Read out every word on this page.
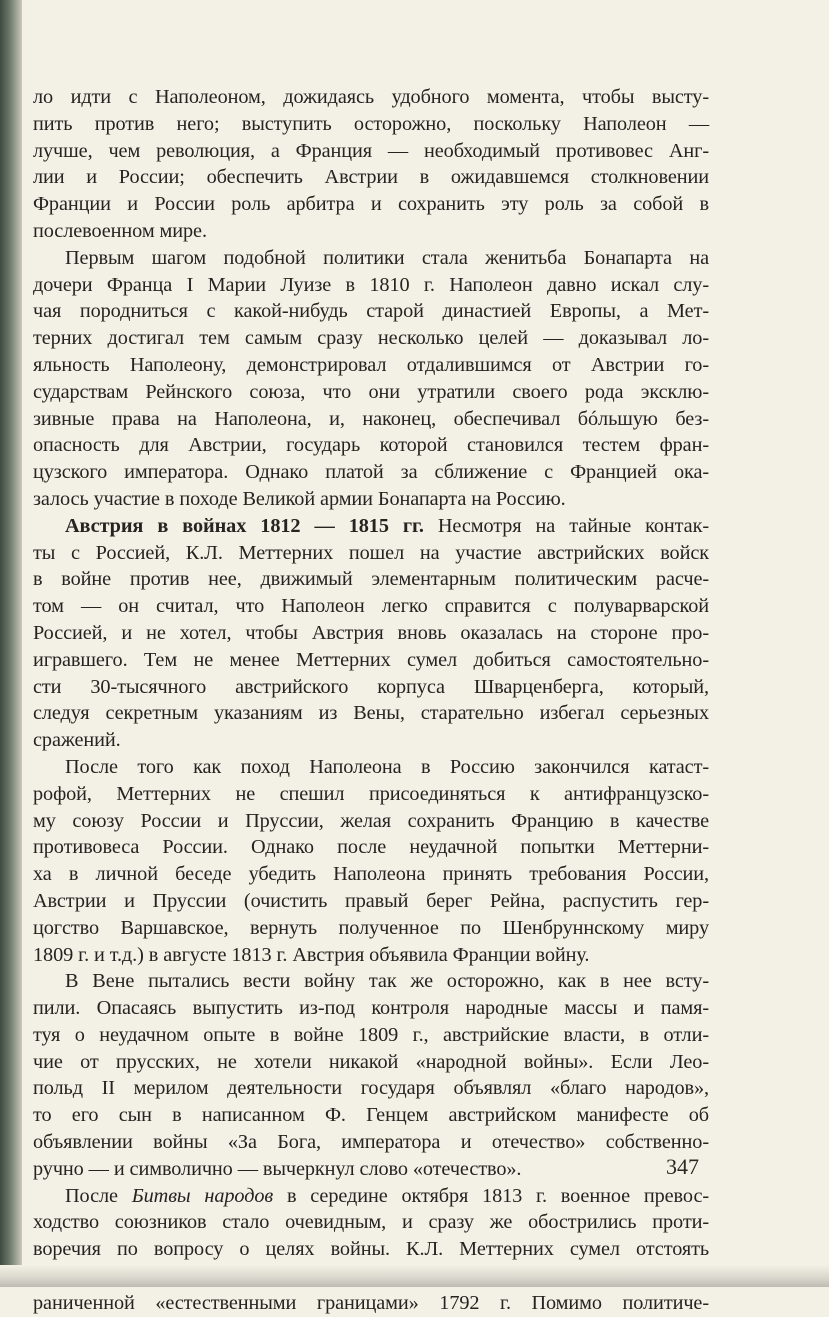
ло идти с Наполеоном, дожидаясь удобного момента, чтобы высту-
пить против него; выступить осторожно, поскольку Наполеон —
лучше, чем революция, а Франция — необходимый противовес Анг-
лии и России; обеспечить Австрии в ожидавшемся столкновении
Франции и России роль арбитра и сохранить эту роль за собой в
послевоенном мире.

Первым шагом подобной политики стала женитьба Бонапарта на
дочери Франца I Марии Луизе в 1810 г. Наполеон давно искал слу-
чая породниться с какой-нибудь старой династией Европы, а Мет-
терних достигал тем самым сразу несколько целей — доказывал ло-
яльность Наполеону, демонстрировал отдалившимся от Австрии го-
сударствам Рейнского союза, что они утратили своего рода эксклю-
зивные права на Наполеона, и, наконец, обеспечивал бóльшую без-
опасность для Австрии, государь которой становился тестем фран-
цузского императора. Однако платой за сближение с Францией ока-
залось участие в походе Великой армии Бонапарта на Россию.

Австрия в войнах 1812 — 1815 гг. Несмотря на тайные контак-
ты с Россией, К.Л. Меттерних пошел на участие австрийских войск
в войне против нее, движимый элементарным политическим расче-
том — он считал, что Наполеон легко справится с полуварварской
Россией, и не хотел, чтобы Австрия вновь оказалась на стороне про-
игравшего. Тем не менее Меттерних сумел добиться самостоятельно-
сти 30-тысячного австрийского корпуса Шварценберга, который,
следуя секретным указаниям из Вены, старательно избегал серьезных
сражений.

После того как поход Наполеона в Россию закончился катаст-
рофой, Меттерних не спешил присоединяться к антифранцузско-
му союзу России и Пруссии, желая сохранить Францию в качестве
противовеса России. Однако после неудачной попытки Меттерни-
ха в личной беседе убедить Наполеона принять требования России,
Австрии и Пруссии (очистить правый берег Рейна, распустить гер-
цогство Варшавское, вернуть полученное по Шенбруннскому миру
1809 г. и т.д.) в августе 1813 г. Австрия объявила Франции войну.

В Вене пытались вести войну так же осторожно, как в нее всту-
пили. Опасаясь выпустить из-под контроля народные массы и памя-
туя о неудачном опыте в войне 1809 г., австрийские власти, в отли-
чие от прусских, не хотели никакой «народной войны». Если Лео-
польд II мерилом деятельности государя объявлял «благо народов»,
то его сын в написанном Ф. Генцем австрийском манифесте об
объявлении войны «За Бога, императора и отечество» собственно-
ручно — и символично — вычеркнул слово «отечество».

После Битвы народов в середине октября 1813 г. военное превос-
ходство союзников стало очевидным, и сразу же обострились проти-
воречия по вопросу о целях войны. К.Л. Меттерних сумел отстоять
раниченной «естественными границами» 1792 г. Помимо политиче-

347
